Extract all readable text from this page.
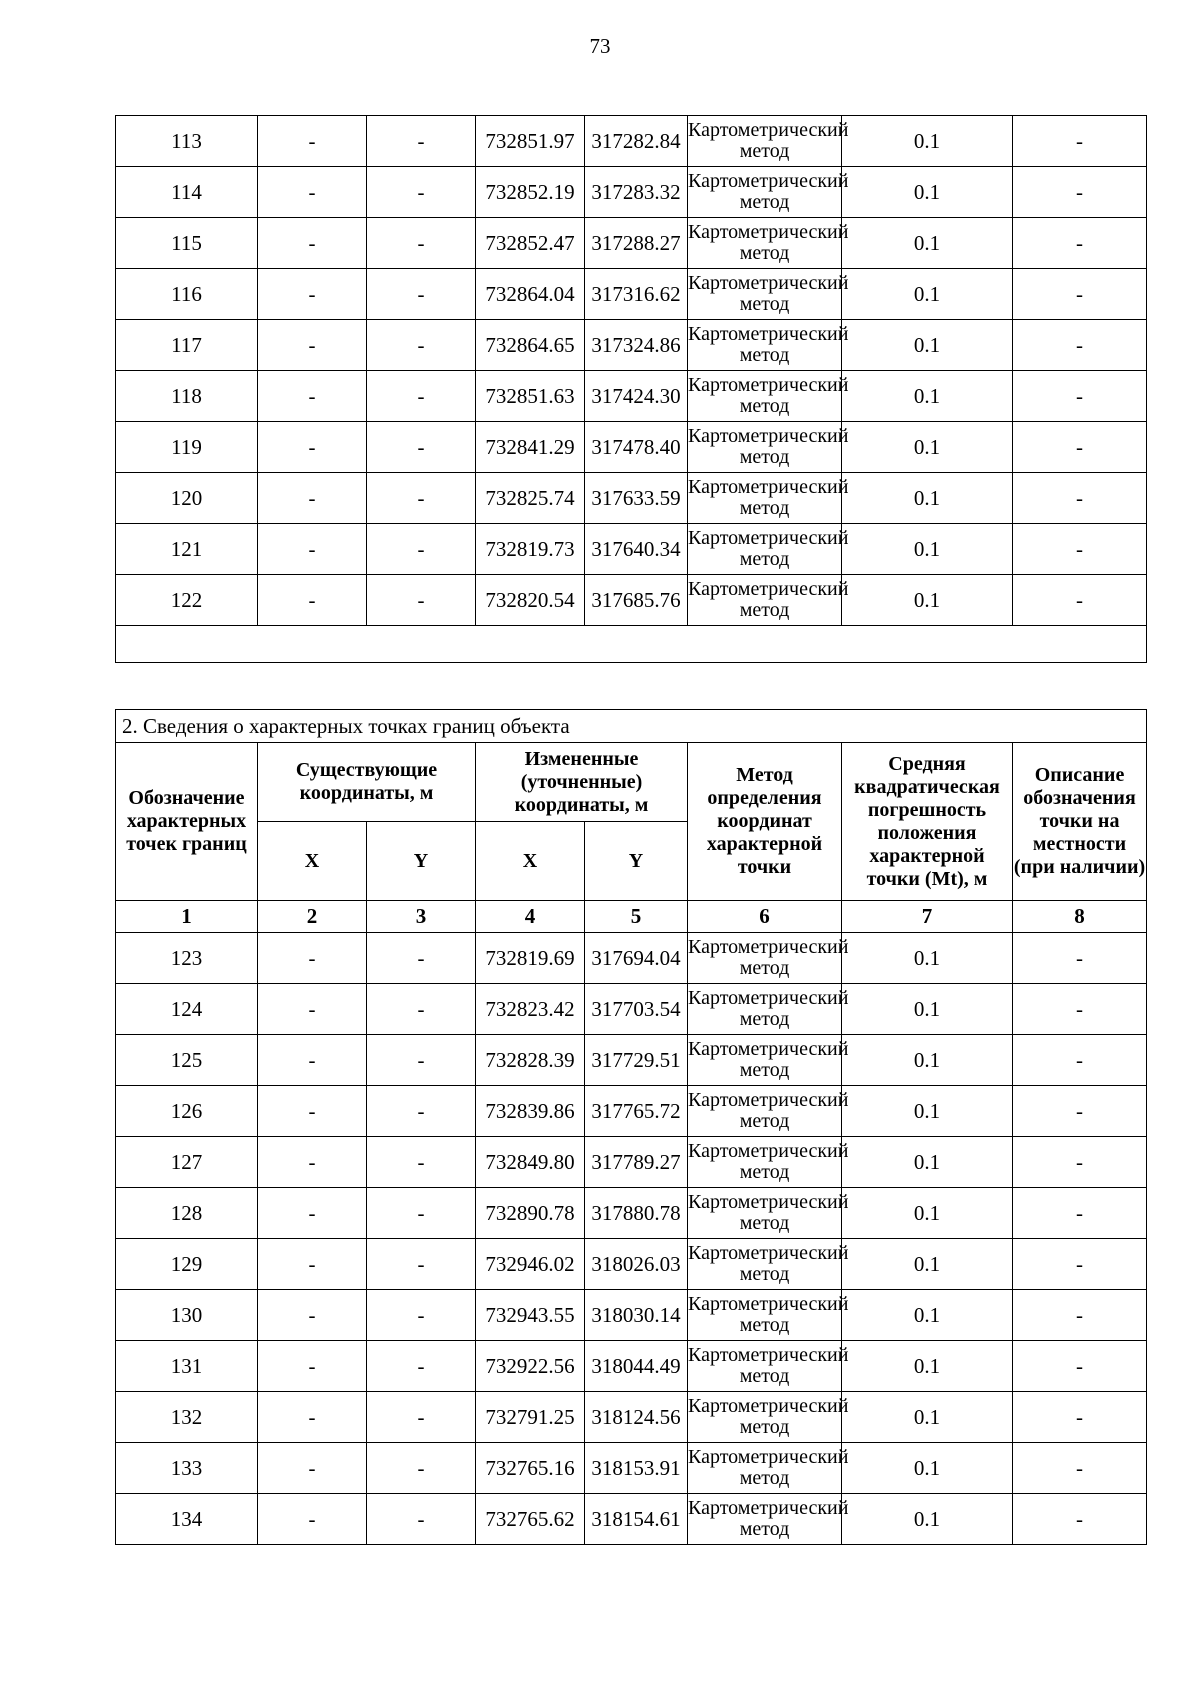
73
113	-	-	732851.97	317282.84	Картометрический метод	0.1	-
114	-	-	732852.19	317283.32	Картометрический метод	0.1	-
115	-	-	732852.47	317288.27	Картометрический метод	0.1	-
116	-	-	732864.04	317316.62	Картометрический метод	0.1	-
117	-	-	732864.65	317324.86	Картометрический метод	0.1	-
118	-	-	732851.63	317424.30	Картометрический метод	0.1	-
119	-	-	732841.29	317478.40	Картометрический метод	0.1	-
120	-	-	732825.74	317633.59	Картометрический метод	0.1	-
121	-	-	732819.73	317640.34	Картометрический метод	0.1	-
122	-	-	732820.54	317685.76	Картометрический метод	0.1	-

2. Сведения о характерных точках границ объекта							
Обозначение характерных точек границ	Существующие координаты, м		Измененные (уточненные) координаты, м		Метод определения координат характерной точки	Средняя квадратическая погрешность положения характерной точки (Mt), м	Описание обозначения точки на местности (при наличии)
	X	Y	X	Y			
1	2	3	4	5	6	7	8
123	-	-	732819.69	317694.04	Картометрический метод	0.1	-
124	-	-	732823.42	317703.54	Картометрический метод	0.1	-
125	-	-	732828.39	317729.51	Картометрический метод	0.1	-
126	-	-	732839.86	317765.72	Картометрический метод	0.1	-
127	-	-	732849.80	317789.27	Картометрический метод	0.1	-
128	-	-	732890.78	317880.78	Картометрический метод	0.1	-
129	-	-	732946.02	318026.03	Картометрический метод	0.1	-
130	-	-	732943.55	318030.14	Картометрический метод	0.1	-
131	-	-	732922.56	318044.49	Картометрический метод	0.1	-
132	-	-	732791.25	318124.56	Картометрический метод	0.1	-
133	-	-	732765.16	318153.91	Картометрический метод	0.1	-
134	-	-	732765.62	318154.61	Картометрический метод	0.1	-
